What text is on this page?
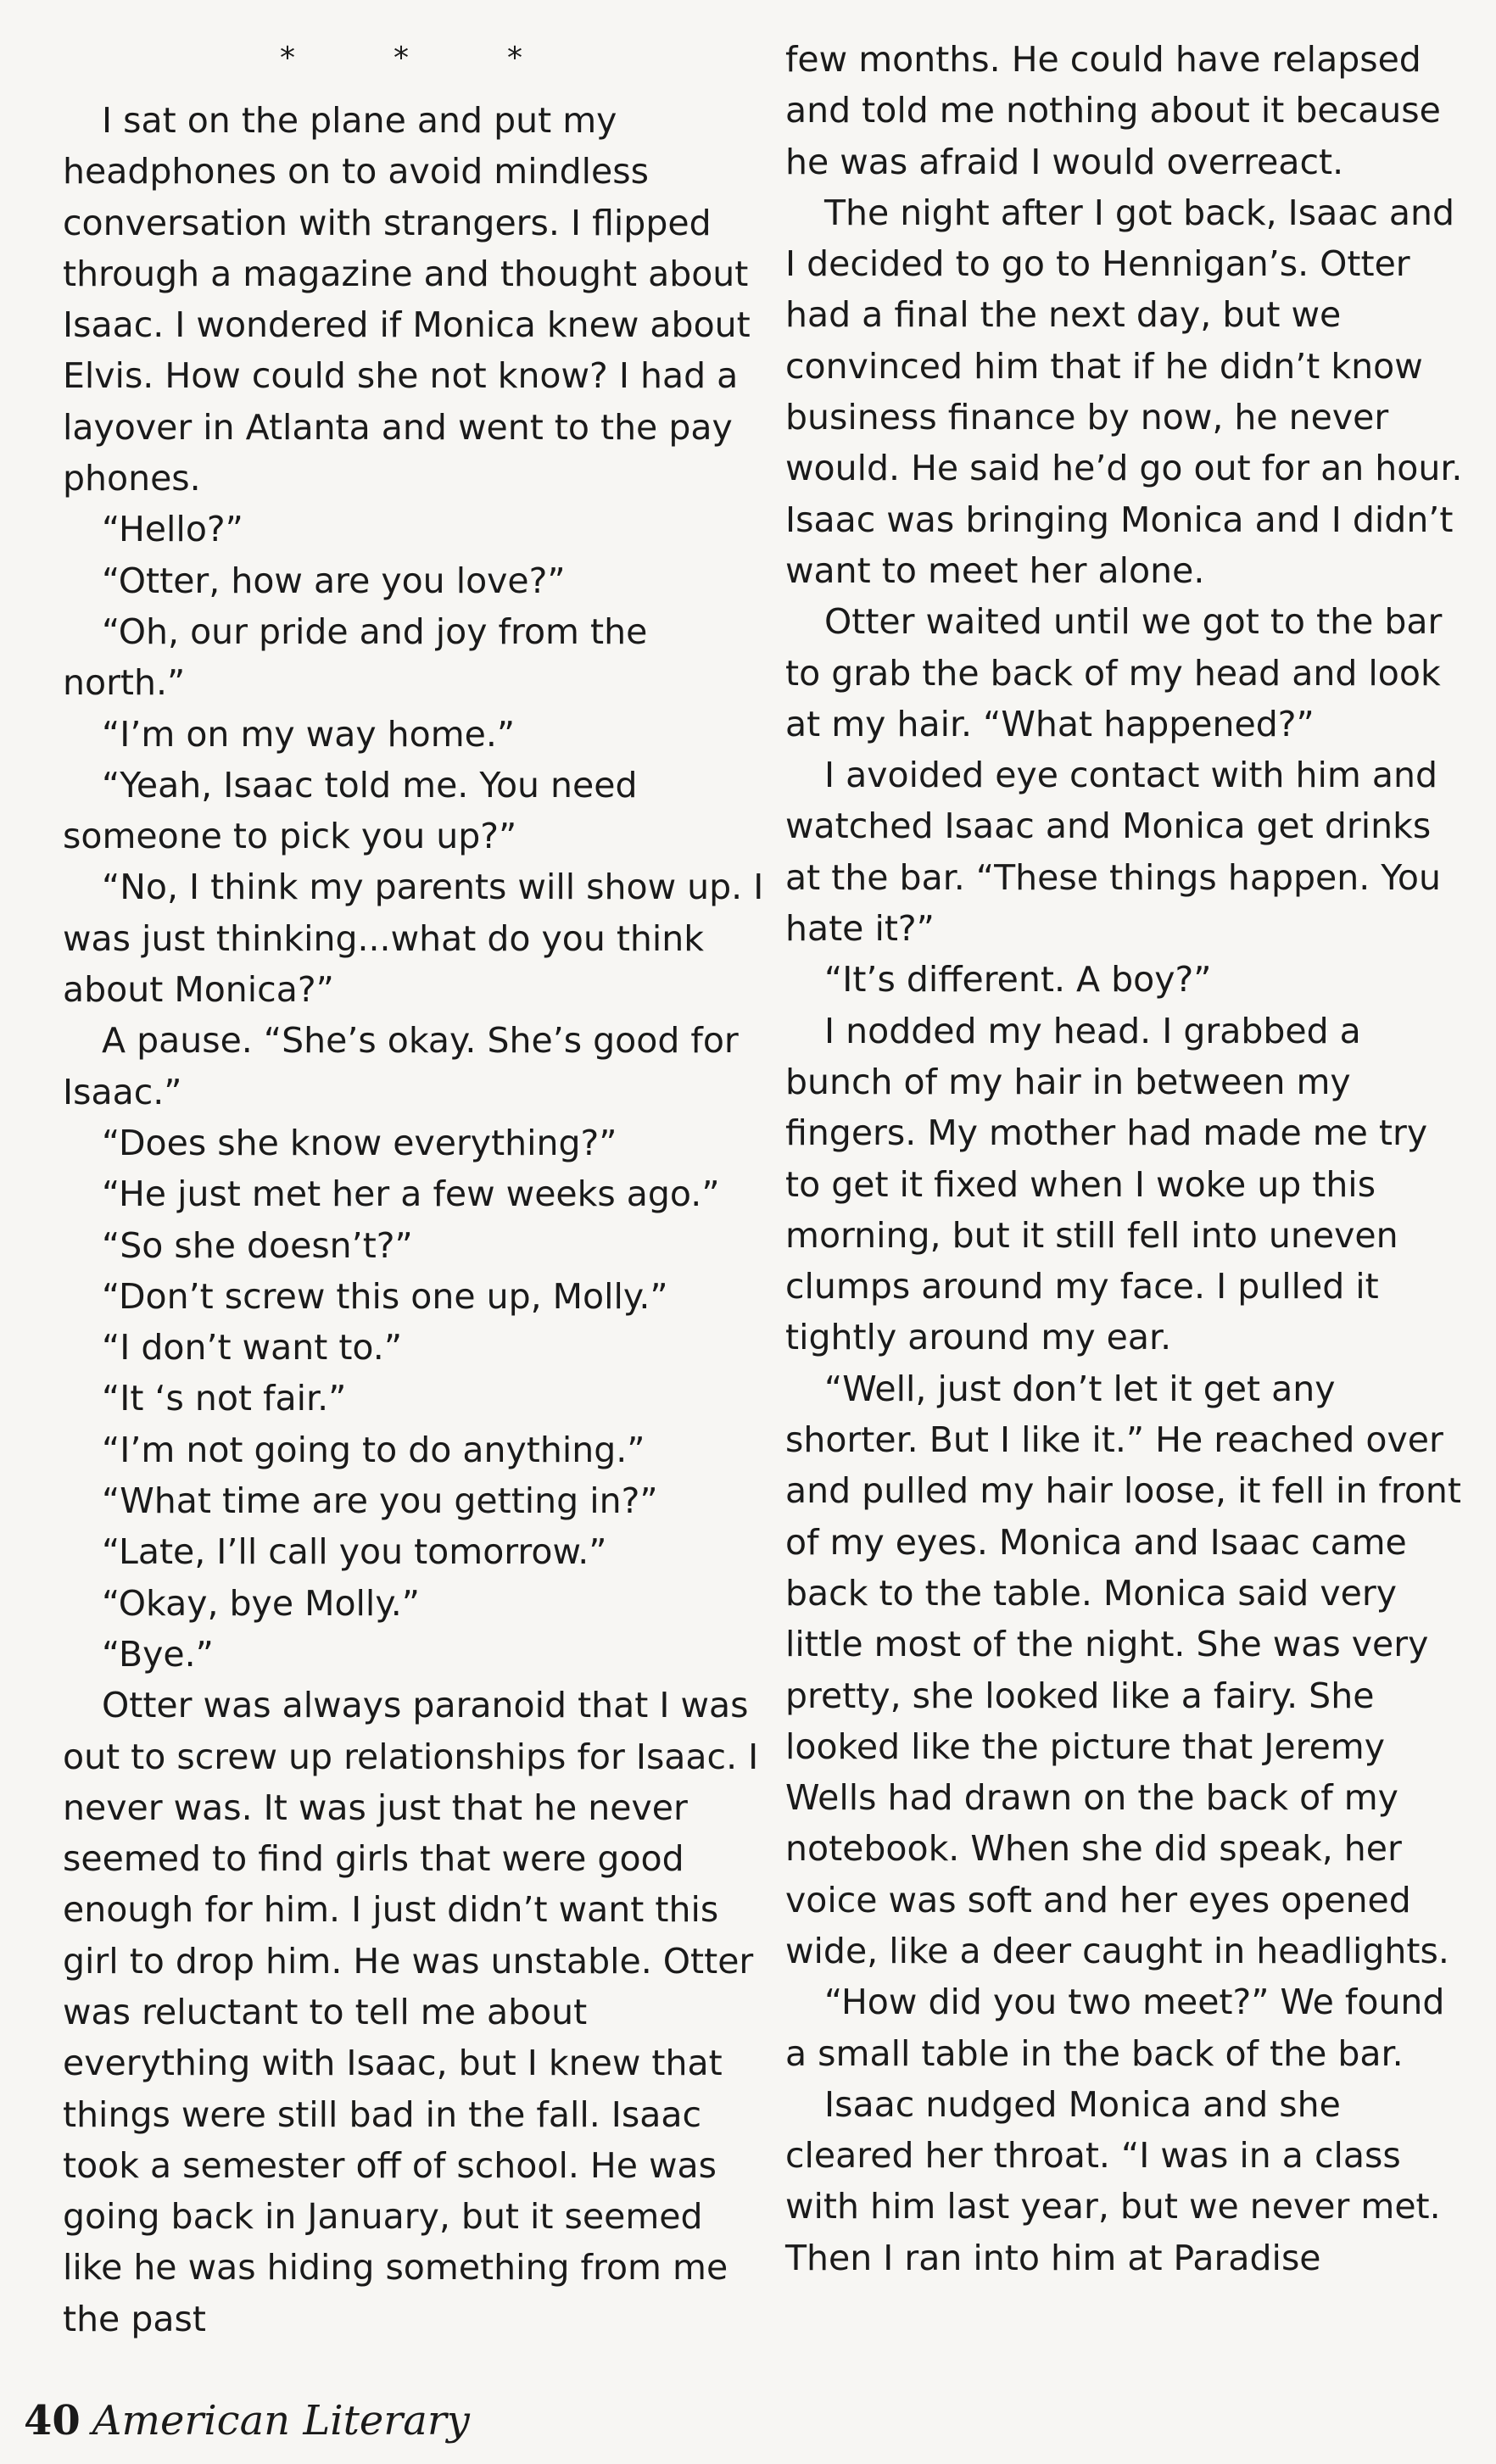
*	*	*

I sat on the plane and put my headphones on to avoid mindless conversation with strangers. I flipped through a magazine and thought about Isaac. I wondered if Monica knew about Elvis. How could she not know? I had a layover in Atlanta and went to the pay phones.

“Hello?”

“Otter, how are you love?”

“Oh, our pride and joy from the north.”

“I’m on my way home.”

“Yeah, Isaac told me. You need someone to pick you up?”

“No, I think my parents will show up. I was just thinking...what do you think about Monica?”

A pause. “She’s okay. She’s good for Isaac.”

“Does she know everything?”

“He just met her a few weeks ago.”

“So she doesn’t?”

“Don’t screw this one up, Molly.”

“I don’t want to.”

“It ‘s not fair.”

“I’m not going to do anything.”

“What time are you getting in?”

“Late, I’ll call you tomorrow.”

“Okay, bye Molly.”

“Bye.”

Otter was always paranoid that I was out to screw up relationships for Isaac. I never was. It was just that he never seemed to find girls that were good enough for him. I just didn’t want this girl to drop him. He was unstable. Otter was reluctant to tell me about everything with Isaac, but I knew that things were still bad in the fall. Isaac took a semester off of school. He was going back in January, but it seemed like he was hiding something from me the past

few months. He could have relapsed and told me nothing about it because he was afraid I would overreact.

The night after I got back, Isaac and I decided to go to Hennigan’s. Otter had a final the next day, but we convinced him that if he didn’t know business finance by now, he never would. He said he’d go out for an hour. Isaac was bringing Monica and I didn’t want to meet her alone.

Otter waited until we got to the bar to grab the back of my head and look at my hair. “What happened?”

I avoided eye contact with him and watched Isaac and Monica get drinks at the bar. “These things happen. You hate it?”

“It’s different. A boy?”

I nodded my head. I grabbed a bunch of my hair in between my fingers. My mother had made me try to get it fixed when I woke up this morning, but it still fell into uneven clumps around my face. I pulled it tightly around my ear.

“Well, just don’t let it get any shorter. But I like it.” He reached over and pulled my hair loose, it fell in front of my eyes. Monica and Isaac came back to the table. Monica said very little most of the night. She was very pretty, she looked like a fairy. She looked like the picture that Jeremy Wells had drawn on the back of my notebook. When she did speak, her voice was soft and her eyes opened wide, like a deer caught in headlights.

“How did you two meet?” We found a small table in the back of the bar.

Isaac nudged Monica and she cleared her throat. “I was in a class with him last year, but we never met. Then I ran into him at Paradise

40 American Literary
